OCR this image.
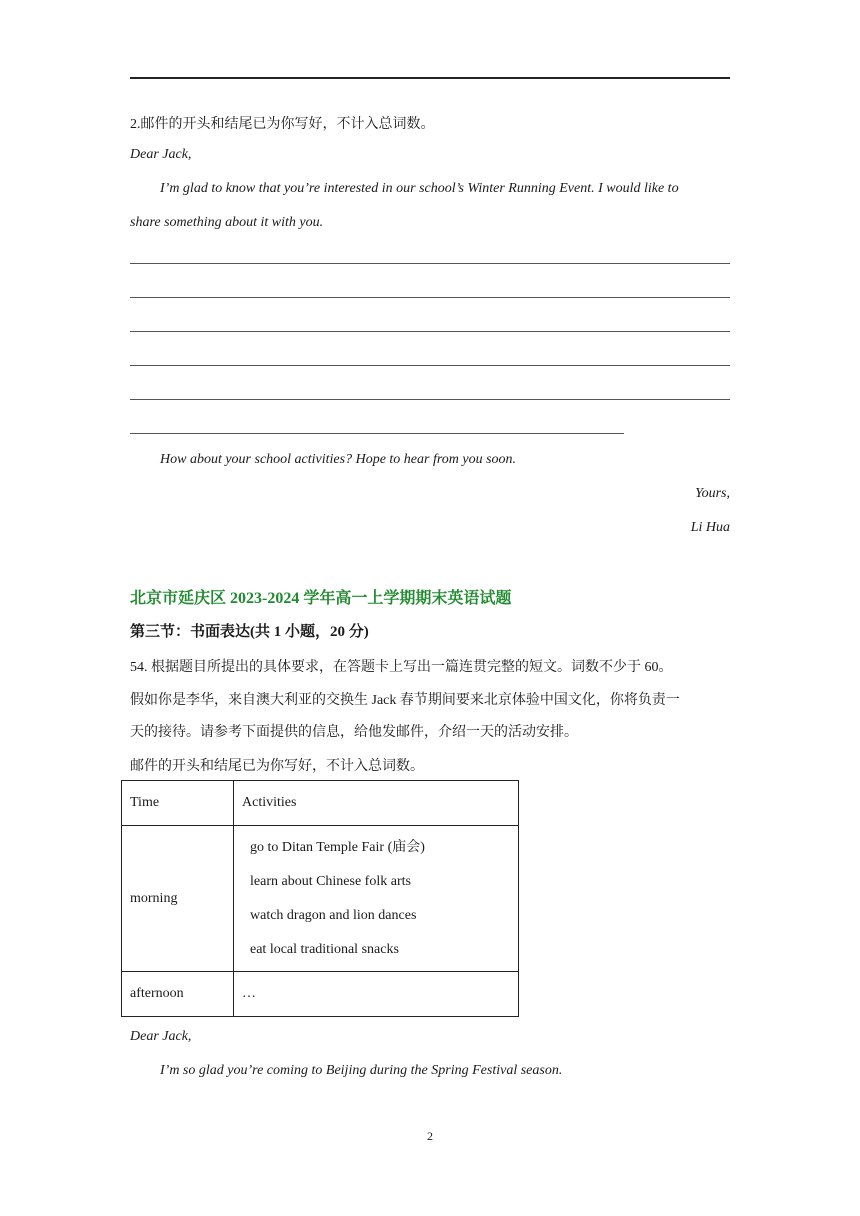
2.邮件的开头和结尾已为你写好，不计入总词数。
Dear Jack,
I’m glad to know that you’re interested in our school’s Winter Running Event. I would like to
share something about it with you.
How about your school activities? Hope to hear from you soon.
Yours,
Li Hua
北京市延庆区 2023-2024 学年高一上学期期末英语试题
第三节：书面表达(共 1 小题，20 分)
54. 根据题目所提出的具体要求，在答题卡上写出一篇连贯完整的短文。词数不少于 60。
假如你是李华，来自澳大利亚的交换生 Jack 春节期间要来北京体验中国文化，你将负责一
天的接待。请参考下面提供的信息，给他发邮件，介绍一天的活动安排。
邮件的开头和结尾已为你写好，不计入总词数。
Time	Activities
morning	go to Ditan Temple Fair (庙会)
learn about Chinese folk arts
watch dragon and lion dances
eat local traditional snacks

afternoon	…
Dear Jack,
I’m so glad you’re coming to Beijing during the Spring Festival season.
2
